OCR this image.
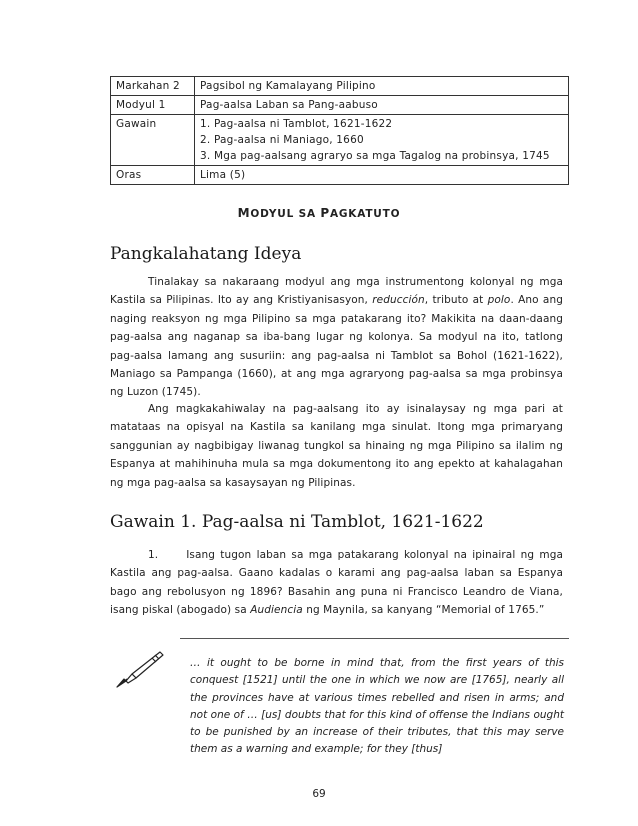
Markahan 2	Pagsibol ng Kamalayang Pilipino
Modyul 1	Pag-aalsa Laban sa Pang-aabuso
Gawain	1. Pag-aalsa ni Tamblot, 1621-1622
2. Pag-aalsa ni Maniago, 1660
3. Mga pag-aalsang agraryo sa mga Tagalog na probinsya, 1745

Oras	Lima (5)
MODYUL SA PAGKATUTO
Pangkalahatang Ideya

Tinalakay sa nakaraang modyul ang mga instrumentong kolonyal ng mga Kastila sa Pilipinas. Ito ay ang Kristiyanisasyon, reducción, tributo at polo. Ano ang naging reaksyon ng mga Pilipino sa mga patakarang ito? Makikita na daan-daang pag-aalsa ang naganap sa iba-bang lugar ng kolonya. Sa modyul na ito, tatlong pag-aalsa lamang ang susuriin: ang pag-aalsa ni Tamblot sa Bohol (1621-1622), Maniago sa Pampanga (1660), at ang mga agraryong pag-aalsa sa mga probinsya ng Luzon (1745).

Ang magkakahiwalay na pag-aalsang ito ay isinalaysay ng mga pari at matataas na opisyal na Kastila sa kanilang mga sinulat. Itong mga primaryang sanggunian ay nagbibigay liwanag tungkol sa hinaing ng mga Pilipino sa ilalim ng Espanya at mahihinuha mula sa mga dokumentong ito ang epekto at kahalagahan ng mga pag-aalsa sa kasaysayan ng Pilipinas.

Gawain 1. Pag-aalsa ni Tamblot, 1621-1622

1.	Isang tugon laban sa mga patakarang kolonyal na ipinairal ng mga Kastila ang pag-aalsa. Gaano kadalas o karami ang pag-aalsa laban sa Espanya bago ang rebolusyon ng 1896? Basahin ang puna ni Francisco Leandro de Viana, isang piskal (abogado) sa Audiencia ng Maynila, sa kanyang “Memorial of 1765.”

… it ought to be borne in mind that, from the first years of this conquest [1521] until the one in which we now are [1765], nearly all the provinces have at various times rebelled and risen in arms; and not one of … [us] doubts that for this kind of offense the Indians ought to be punished by an increase of their tributes, that this may serve them as a warning and example; for they [thus]

69
